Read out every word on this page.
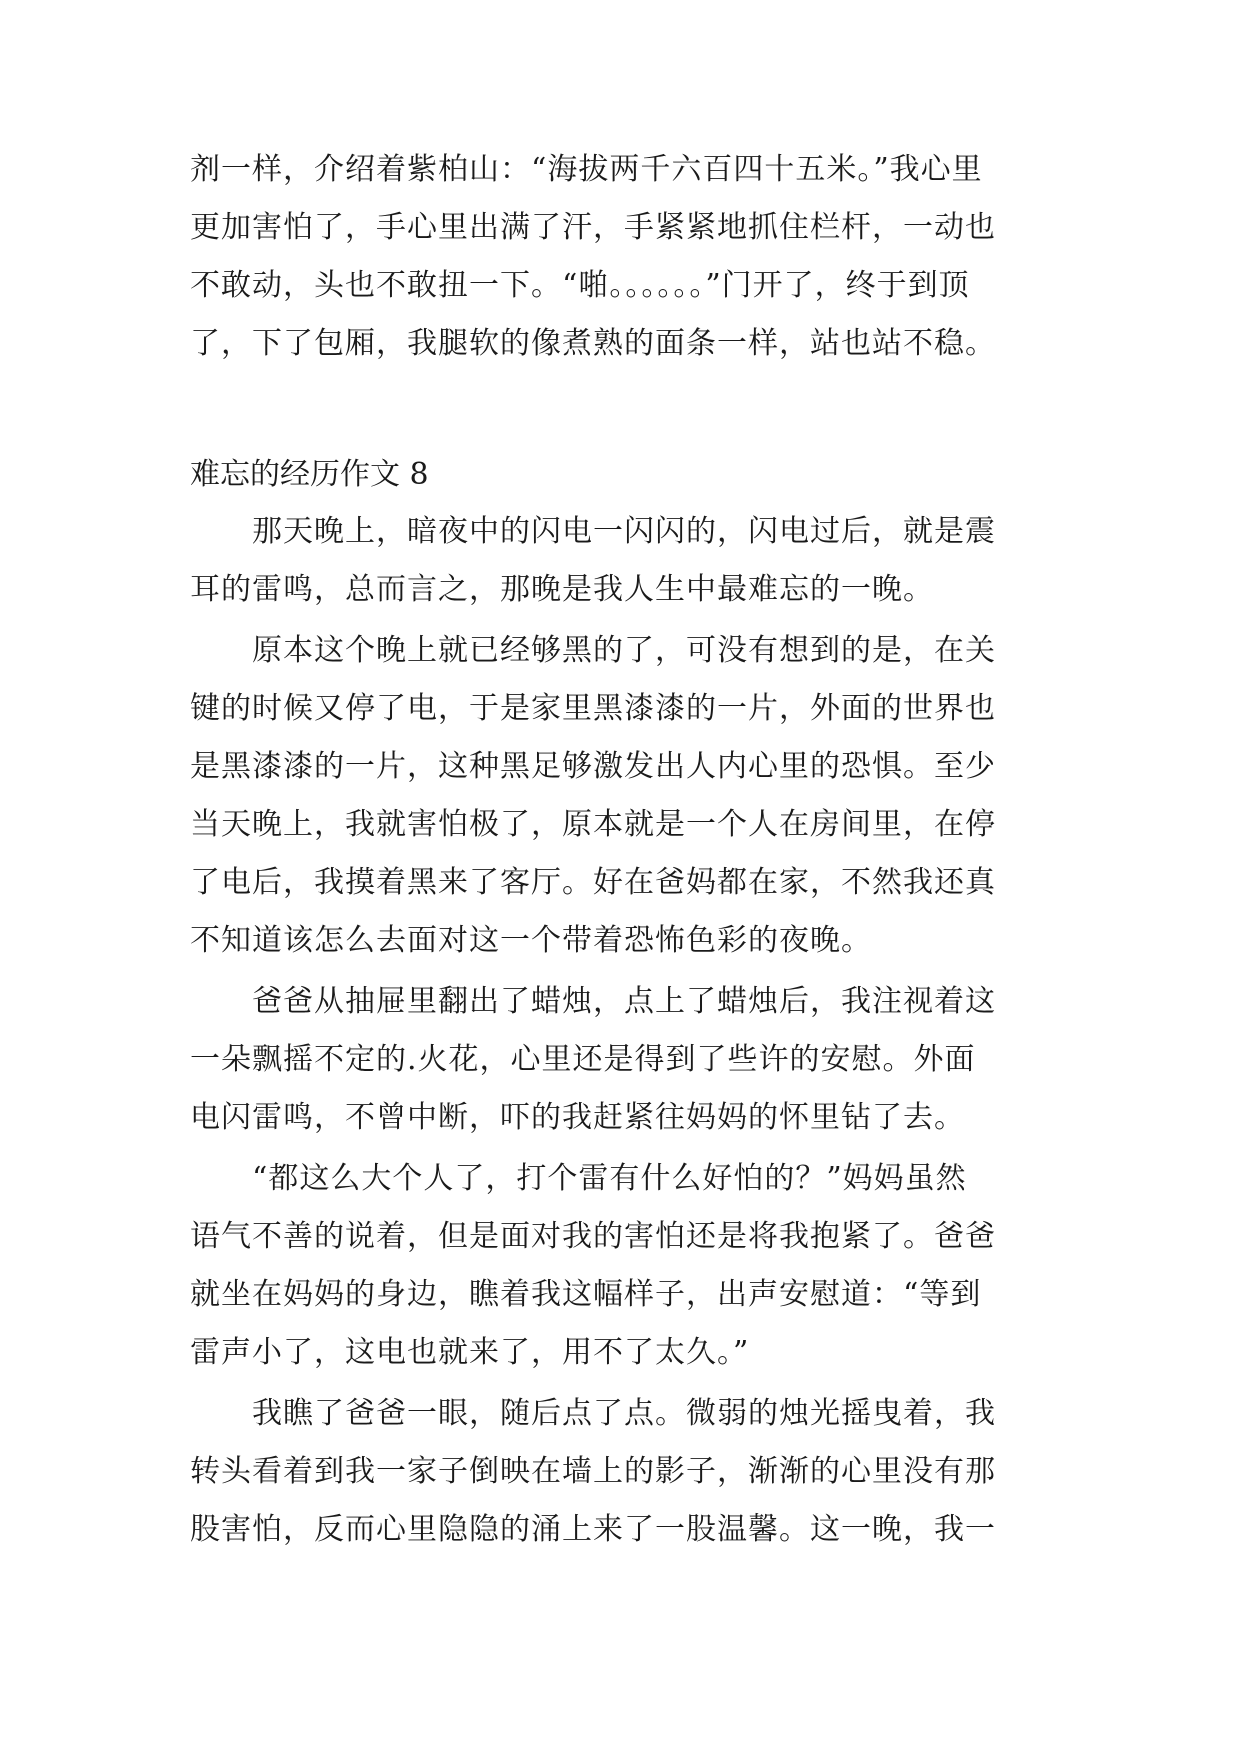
剂一样，介绍着紫柏山：“海拔两千六百四十五米。”我心里
更加害怕了，手心里出满了汗，手紧紧地抓住栏杆，一动也
不敢动，头也不敢扭一下。“啪。。。。。。”门开了，终于到顶
了，下了包厢，我腿软的像煮熟的面条一样，站也站不稳。
难忘的经历作文 8
　　那天晚上，暗夜中的闪电一闪闪的，闪电过后，就是震
耳的雷鸣，总而言之，那晚是我人生中最难忘的一晚。
　　原本这个晚上就已经够黑的了，可没有想到的是，在关
键的时候又停了电，于是家里黑漆漆的一片，外面的世界也
是黑漆漆的一片，这种黑足够激发出人内心里的恐惧。至少
当天晚上，我就害怕极了，原本就是一个人在房间里，在停
了电后，我摸着黑来了客厅。好在爸妈都在家，不然我还真
不知道该怎么去面对这一个带着恐怖色彩的夜晚。
　　爸爸从抽屉里翻出了蜡烛，点上了蜡烛后，我注视着这
一朵飘摇不定的.火花，心里还是得到了些许的安慰。外面
电闪雷鸣，不曾中断，吓的我赶紧往妈妈的怀里钻了去。
　　“都这么大个人了，打个雷有什么好怕的？”妈妈虽然
语气不善的说着，但是面对我的害怕还是将我抱紧了。爸爸
就坐在妈妈的身边，瞧着我这幅样子，出声安慰道：“等到
雷声小了，这电也就来了，用不了太久。”
　　我瞧了爸爸一眼，随后点了点。微弱的烛光摇曳着，我
转头看着到我一家子倒映在墙上的影子，渐渐的心里没有那
股害怕，反而心里隐隐的涌上来了一股温馨。这一晚，我一
